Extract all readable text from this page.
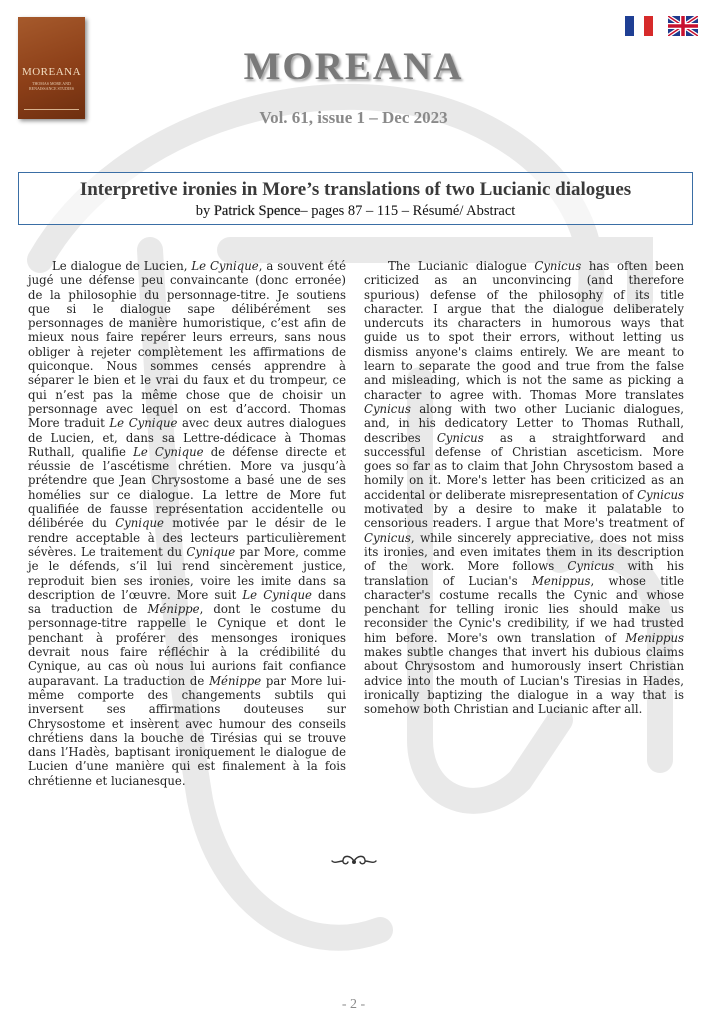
MOREANA
THOMAS MORE AND RENAISSANCE STUDIES
MOREANA
Vol. 61, issue 1 – Dec 2023
Interpretive ironies in More’s translations of two Lucianic dialogues
by Patrick Spence– pages 87 – 115 – Résumé/ Abstract

Le dialogue de Lucien, Le Cynique, a souvent été jugé une défense peu convaincante (donc erronée) de la philosophie du personnage-titre. Je soutiens que si le dialogue sape délibérément ses personnages de manière humoristique, c’est afin de mieux nous faire repérer leurs erreurs, sans nous obliger à rejeter complètement les affirmations de quiconque. Nous sommes censés apprendre à séparer le bien et le vrai du faux et du trompeur, ce qui n’est pas la même chose que de choisir un personnage avec lequel on est d’accord. Thomas More traduit Le Cynique avec deux autres dialogues de Lucien, et, dans sa Lettre-dédicace à Thomas Ruthall, qualifie Le Cynique de défense directe et réussie de l’ascétisme chrétien. More va jusqu’à prétendre que Jean Chrysostome a basé une de ses homélies sur ce dialogue. La lettre de More fut qualifiée de fausse représentation accidentelle ou délibérée du Cynique motivée par le désir de le rendre acceptable à des lecteurs particulièrement sévères. Le traitement du Cynique par More, comme je le défends, s’il lui rend sincèrement justice, reproduit bien ses ironies, voire les imite dans sa description de l’œuvre. More suit Le Cynique dans sa traduction de Ménippe, dont le costume du personnage-titre rappelle le Cynique et dont le penchant à proférer des mensonges ironiques devrait nous faire réfléchir à la crédibilité du Cynique, au cas où nous lui aurions fait confiance auparavant. La traduction de Ménippe par More lui-même comporte des changements subtils qui inversent ses affirmations douteuses sur Chrysostome et insèrent avec humour des conseils chrétiens dans la bouche de Tirésias qui se trouve dans l’Hadès, baptisant ironiquement le dialogue de Lucien d’une manière qui est finalement à la fois chrétienne et lucianesque.

The Lucianic dialogue Cynicus has often been criticized as an unconvincing (and therefore spurious) defense of the philosophy of its title character. I argue that the dialogue deliberately undercuts its characters in humorous ways that guide us to spot their errors, without letting us dismiss anyone's claims entirely. We are meant to learn to separate the good and true from the false and misleading, which is not the same as picking a character to agree with. Thomas More translates Cynicus along with two other Lucianic dialogues, and, in his dedicatory Letter to Thomas Ruthall, describes Cynicus as a straightforward and successful defense of Christian asceticism. More goes so far as to claim that John Chrysostom based a homily on it. More's letter has been criticized as an accidental or deliberate misrepresentation of Cynicus motivated by a desire to make it palatable to censorious readers. I argue that More's treatment of Cynicus, while sincerely appreciative, does not miss its ironies, and even imitates them in its description of the work. More follows Cynicus with his translation of Lucian's Menippus, whose title character's costume recalls the Cynic and whose penchant for telling ironic lies should make us reconsider the Cynic's credibility, if we had trusted him before. More's own translation of Menippus makes subtle changes that invert his dubious claims about Chrysostom and humorously insert Christian advice into the mouth of Lucian's Tiresias in Hades, ironically baptizing the dialogue in a way that is somehow both Christian and Lucianic after all.

- 2 -
